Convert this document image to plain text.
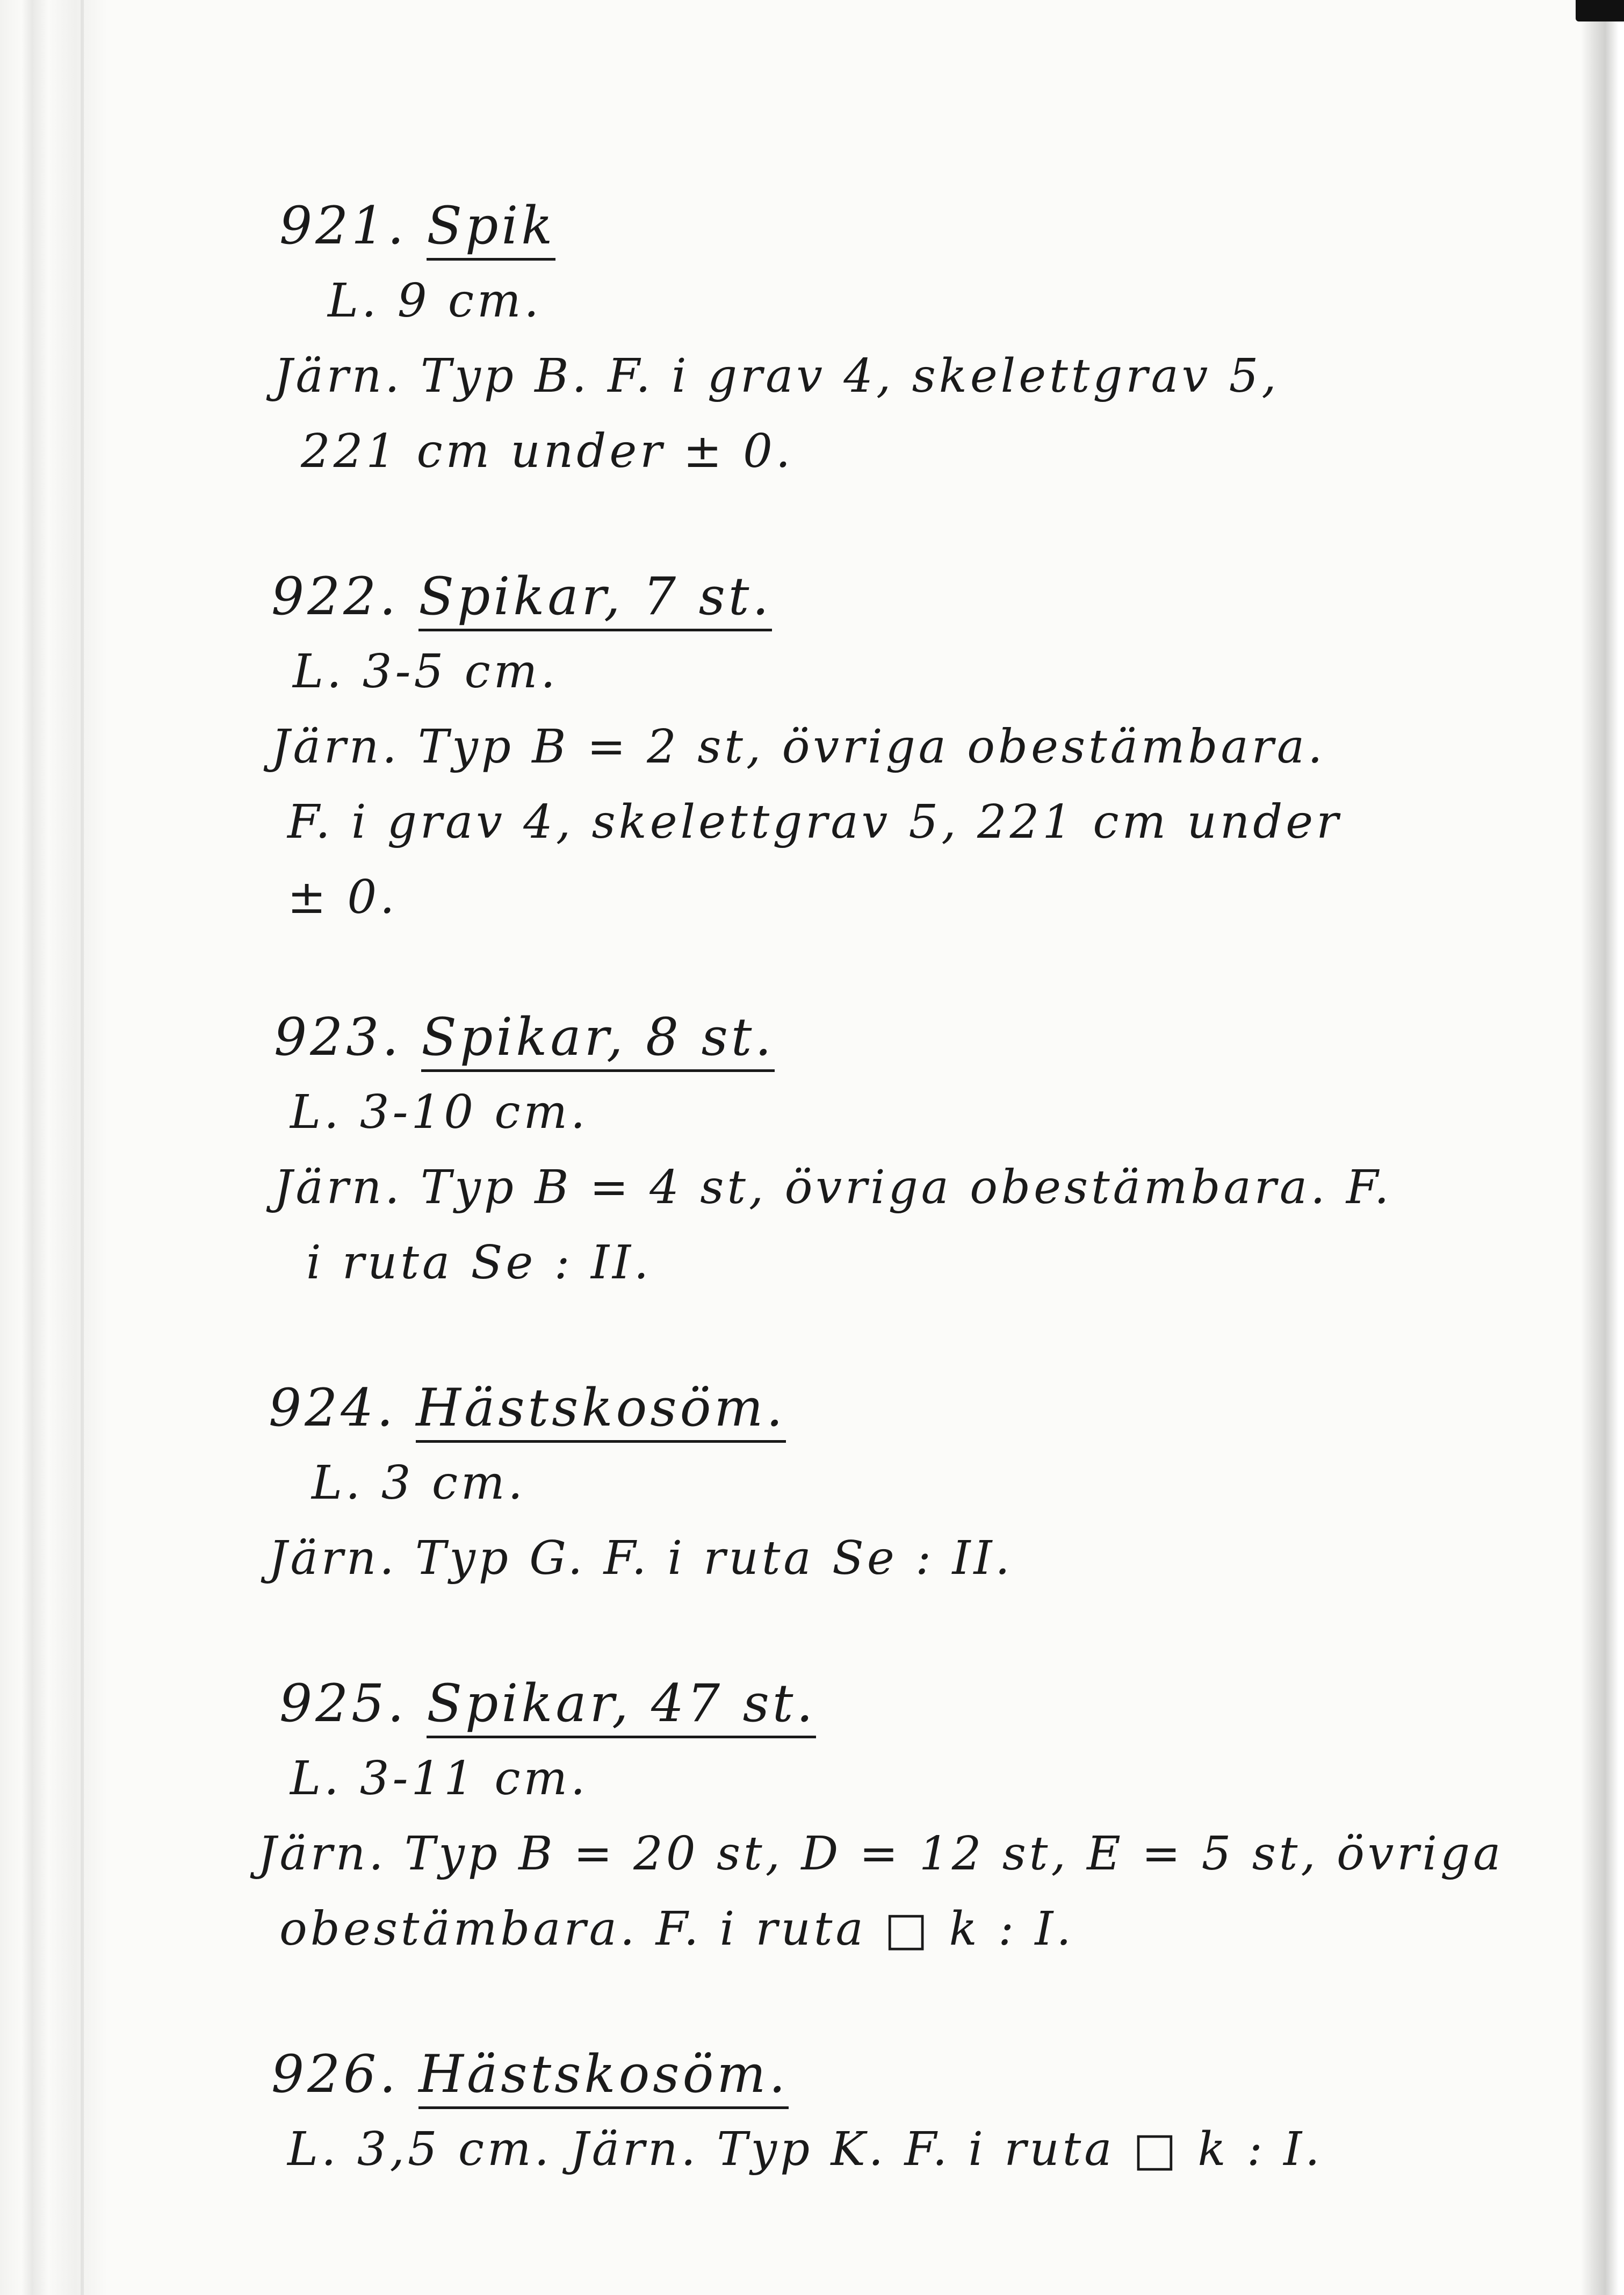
921. Spik
L. 9 cm.
Järn. Typ B. F. i grav 4, skelettgrav 5,
221 cm under ± 0.
922. Spikar, 7 st.
L. 3-5 cm.
Järn. Typ B = 2 st, övriga obestämbara.
F. i grav 4, skelettgrav 5, 221 cm under
± 0.
923. Spikar, 8 st.
L. 3-10 cm.
Järn. Typ B = 4 st, övriga obestämbara. F.
i ruta Se : II.
924. Hästskosöm.
L. 3 cm.
Järn. Typ G. F. i ruta Se : II.
925. Spikar, 47 st.
L. 3-11 cm.
Järn. Typ B = 20 st, D = 12 st, E = 5 st, övriga
obestämbara. F. i ruta □ k : I.
926. Hästskosöm.
L. 3,5 cm. Järn. Typ K. F. i ruta □ k : I.
